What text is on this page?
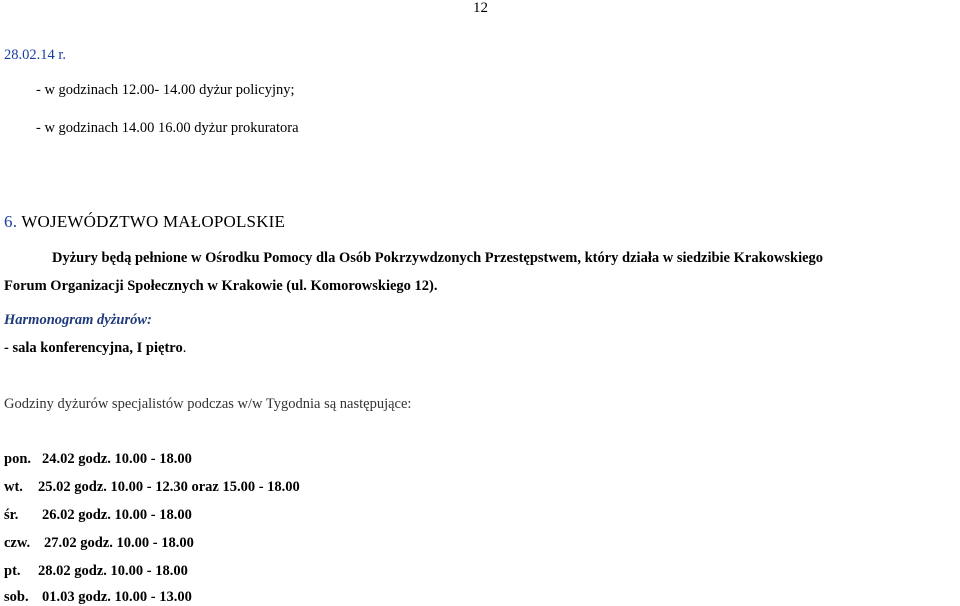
12
28.02.14 r.
- w godzinach 12.00- 14.00 dyżur policyjny;
- w godzinach 14.00 16.00 dyżur prokuratora
6. WOJEWÓDZTWO MAŁOPOLSKIE
Dyżury będą pełnione w Ośrodku Pomocy dla Osób Pokrzywdzonych Przestępstwem, który działa w siedzibie Krakowskiego
Forum Organizacji Społecznych w Krakowie (ul. Komorowskiego 12).
Harmonogram dyżurów:
- sala konferencyjna, I piętro.
Godziny dyżurów specjalistów podczas w/w Tygodnia są następujące:
pon. 24.02 godz. 10.00 - 18.00
wt. 25.02 godz. 10.00 - 12.30 oraz 15.00 - 18.00
śr. 26.02 godz. 10.00 - 18.00
czw. 27.02 godz. 10.00 - 18.00
pt. 28.02 godz. 10.00 - 18.00
sob. 01.03 godz. 10.00 - 13.00
